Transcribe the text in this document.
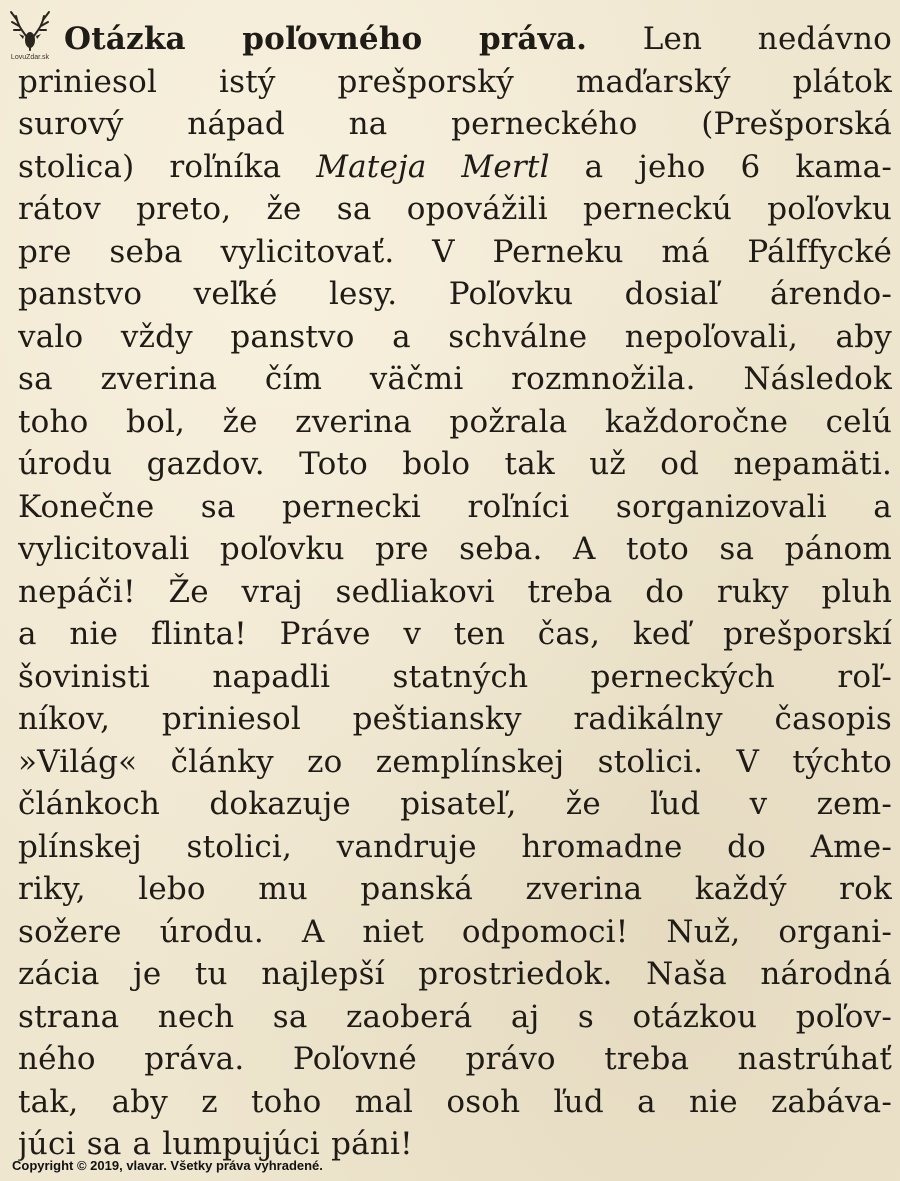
LovuZdar.sk
Otázka poľovného práva. Len nedávno
priniesol istý prešporský maďarský plátok
surový nápad na perneckého (Prešporská
stolica) roľníka Mateja Mertl a jeho 6 kama-
rátov preto, že sa opovážili perneckú poľovku
pre seba vylicitovať. V Perneku má Pálffycké
panstvo veľké lesy. Poľovku dosiaľ árendo-
valo vždy panstvo a schválne nepoľovali, aby
sa zverina čím väčmi rozmnožila. Následok
toho bol, že zverina požrala každoročne celú
úrodu gazdov. Toto bolo tak už od nepamäti.
Konečne sa pernecki roľníci sorganizovali a
vylicitovali poľovku pre seba. A toto sa pánom
nepáči! Že vraj sedliakovi treba do ruky pluh
a nie flinta! Práve v ten čas, keď prešporskí
šovinisti napadli statných perneckých roľ-
níkov, priniesol peštiansky radikálny časopis
»Világ« články zo zemplínskej stolici. V týchto
článkoch dokazuje pisateľ, že ľud v zem-
plínskej stolici, vandruje hromadne do Ame-
riky, lebo mu panská zverina každý rok
sožere úrodu. A niet odpomoci! Nuž, organi-
zácia je tu najlepší prostriedok. Naša národná
strana nech sa zaoberá aj s otázkou poľov-
ného práva. Poľovné právo treba nastrúhať
tak, aby z toho mal osoh ľud a nie zabáva-
júci sa a lumpujúci páni!
Copyright © 2019, vlavar. Všetky práva vyhradené.
